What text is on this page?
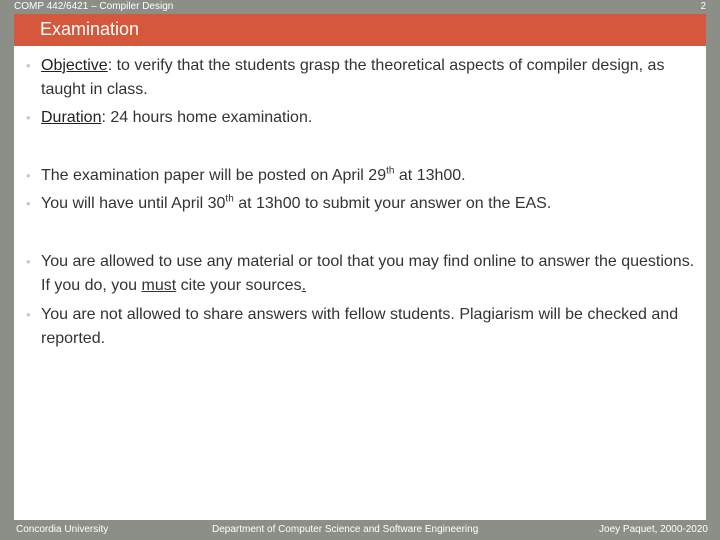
COMP 442/6421 – Compiler Design	2
Examination
• Objective: to verify that the students grasp the theoretical aspects of compiler design, as taught in class.
• Duration: 24 hours home examination.
• The examination paper will be posted on April 29th at 13h00.
• You will have until April 30th at 13h00 to submit your answer on the EAS.
• You are allowed to use any material or tool that you may find online to answer the questions. If you do, you must cite your sources.
• You are not allowed to share answers with fellow students. Plagiarism will be checked and reported.
Concordia University	Department of Computer Science and Software Engineering	Joey Paquet, 2000-2020
